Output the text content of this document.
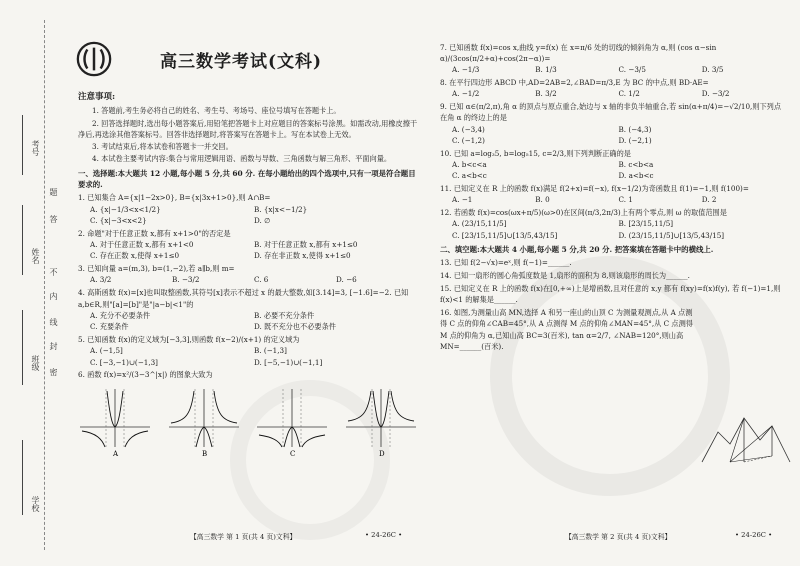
考号
姓名
班级
学校
题
答
不
内
线
封
密
高三数学考试(文科)
注意事项:
1. 答题前,考生务必将自己的姓名、考生号、考场号、座位号填写在答题卡上。
2. 回答选择题时,选出每小题答案后,用铅笔把答题卡上对应题目的答案标号涂黑。如需改动,用橡皮擦干净后,再选涂其他答案标号。回答非选择题时,将答案写在答题卡上。写在本试卷上无效。
3. 考试结束后,将本试卷和答题卡一并交回。
4. 本试卷主要考试内容:集合与常用逻辑用语、函数与导数、三角函数与解三角形、平面向量。
一、选择题:本大题共 12 小题,每小题 5 分,共 60 分. 在每小题给出的四个选项中,只有一项是符合题目要求的.
1. 已知集合 A={x|1−2x>0}, B={x|3x+1>0},则 A∩B=
A. {x|−1/3<x<1/2}	B. {x|x<−1/2}
C. {x|−3<x<2}	D. ∅
2. 命题"对于任意正数 x,都有 x+1>0"的否定是
A. 对于任意正数 x,都有 x+1<0	B. 对于任意正数 x,都有 x+1≤0
C. 存在正数 x,使得 x+1≤0	D. 存在非正数 x,使得 x+1≤0
3. 已知向量 a=(m,3), b=(1,−2),若 a∥b,则 m=
A. 3/2	B. −3/2	C. 6	D. −6
4. 高斯函数 f(x)=[x]也叫取整函数,其符号[x]表示不超过 x 的最大整数,如[3.14]=3, [−1.6]=−2. 已知 a,b∈R,则"[a]=[b]"是"|a−b|<1"的
A. 充分不必要条件	B. 必要不充分条件
C. 充要条件	D. 既不充分也不必要条件
5. 已知函数 f(x)的定义域为[−3,3],则函数 f(x−2)/(x+1) 的定义域为
A. (−1,5]	B. (−1,3]
C. [−3,−1)∪(−1,3]	D. [−5,−1)∪(−1,1]
6. 函数 f(x)=x²/(3−3^|x|) 的图象大致为
A	B	C	D
7. 已知函数 f(x)=cos x,曲线 y=f(x) 在 x=π/6 处的切线的倾斜角为 α,则 (cos α−sin α)/(3cos(π/2+α)+cos(2π−α))=
A. −1/3	B. 1/3	C. −3/5	D. 3/5
8. 在平行四边形 ABCD 中,AD=2AB=2,∠BAD=π/3,E 为 BC 的中点,则 BD·AE=
A. −1/2	B. 3/2	C. 1/2	D. −3/2
9. 已知 α∈(π/2,π),角 α 的顶点与原点重合,始边与 x 轴的非负半轴重合,若 sin(α+π/4)=−√2/10,则下列点在角 α 的终边上的是
A. (−3,4)	B. (−4,3)
C. (−1,2)	D. (−2,1)
10. 已知 a=log₃5, b=log₅15, c=2/3,则下列判断正确的是
A. b<c<a	B. c<b<a
C. a<b<c	D. a<b<c
11. 已知定义在 R 上的函数 f(x)满足 f(2+x)=f(−x), f(x−1/2)为奇函数且 f(1)=−1,则 f(100)=
A. −1	B. 0	C. 1	D. 2
12. 若函数 f(x)=cos(ωx+π/5)(ω>0)在区间(π/3,2π/3)上有两个零点,则 ω 的取值范围是
A. (23/15,11/5]	B. [23/15,11/5]
C. [23/15,11/5]∪[13/5,43/15]	D. (23/15,11/5]∪[13/5,43/15]
二、填空题:本大题共 4 小题,每小题 5 分,共 20 分. 把答案填在答题卡中的横线上.
13. 已知 f(2−√x)=eˣ,则 f(−1)=______.
14. 已知一扇形的圆心角弧度数是 1,扇形的面积为 8,则该扇形的周长为______.
15. 已知定义在 R 上的函数 f(x)在[0,+∞)上是增函数,且对任意的 x,y 都有 f(xy)=f(x)f(y), 若 f(−1)=1,则 f(x)<1 的解集是______.
16. 如图,为测量山高 MN,选择 A 和另一座山的山顶 C 为测量观测点,从 A 点测得 C 点的仰角∠CAB=45°,从 A 点测得 M 点的仰角∠MAN=45°,从 C 点测得 M 点的仰角为 α,已知山高 BC=3(百米), tan α=2/7, ∠NAB=120°,则山高 MN=______(百米).
【高三数学 第 1 页(共 4 页)文科】	• 24-26C •	【高三数学 第 2 页(共 4 页)文科】	• 24-26C •
